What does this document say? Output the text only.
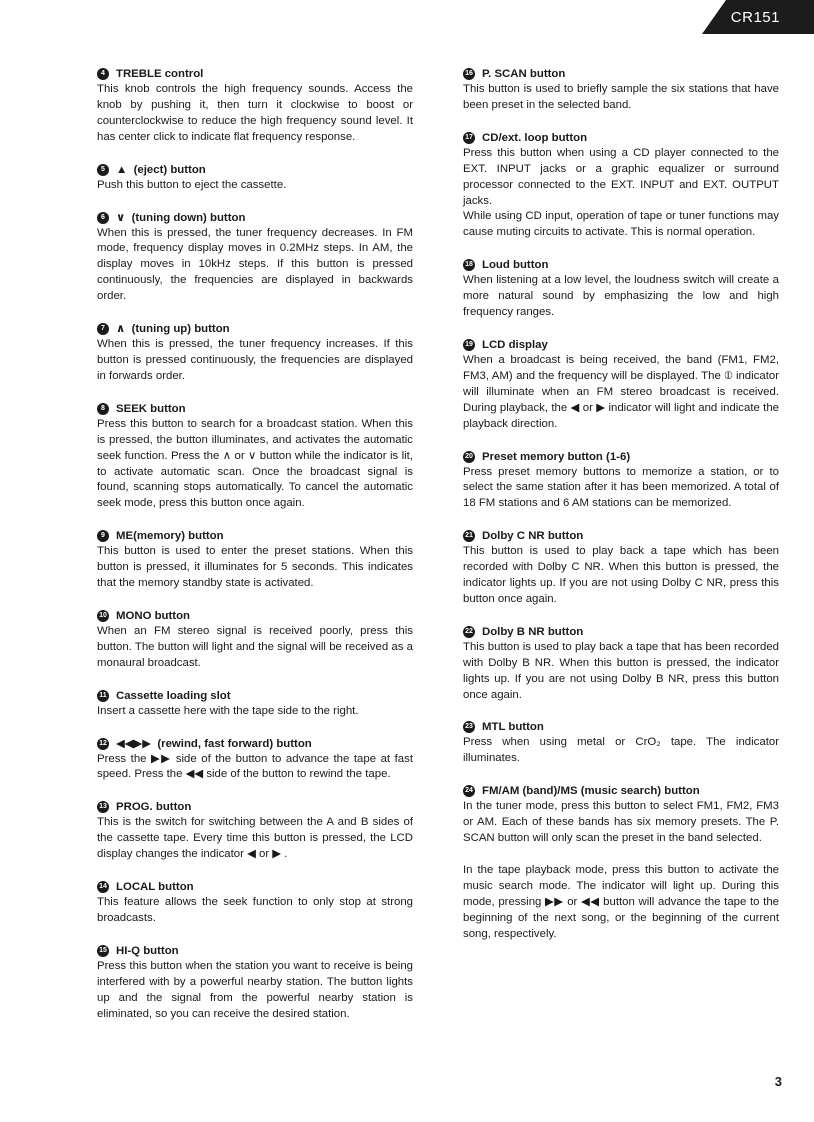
CR151
4 TREBLE control

This knob controls the high frequency sounds. Access the knob by pushing it, then turn it clockwise to boost or counterclockwise to reduce the high frequency sound level. It has center click to indicate flat frequency response.

5 ▲  (eject) button

Push this button to eject the cassette.

6 ∨  (tuning down) button

When this is pressed, the tuner frequency decreases. In FM mode, frequency display moves in 0.2MHz steps. In AM, the display moves in 10kHz steps. If this button is pressed continuously, the frequencies are displayed in backwards order.

7 ∧  (tuning up) button

When this is pressed, the tuner frequency increases. If this button is pressed continuously, the frequencies are displayed in forwards order.

8 SEEK button

Press this button to search for a broadcast station. When this is pressed, the button illuminates, and activates the automatic seek function. Press the ∧ or ∨ button while the indicator is lit, to activate automatic scan. Once the broadcast signal is found, scanning stops automatically. To cancel the automatic seek mode, press this button once again.

9 ME(memory) button

This button is used to enter the preset stations. When this button is pressed, it illuminates for 5 seconds. This indicates that the memory standby state is activated.

10 MONO button

When an FM stereo signal is received poorly, press this button. The button will light and the signal will be received as a monaural broadcast.

11 Cassette loading slot

Insert a cassette here with the tape side to the right.

12 ◀◀▶▶  (rewind, fast forward) button

Press the ▶▶ side of the button to advance the tape at fast speed. Press the ◀◀ side of the button to rewind the tape.

13 PROG. button

This is the switch for switching between the A and B sides of the cassette tape. Every time this button is pressed, the LCD display changes the indicator ◀ or ▶ .

14 LOCAL button

This feature allows the seek function to only stop at strong broadcasts.

15 HI-Q button

Press this button when the station you want to receive is being interfered with by a powerful nearby station. The button lights up and the signal from the powerful nearby station is eliminated, so you can receive the desired station.

16 P. SCAN button

This button is used to briefly sample the six stations that have been preset in the selected band.

17 CD/ext. loop button

Press this button when using a CD player connected to the EXT. INPUT jacks or a graphic equalizer or surround processor connected to the EXT. INPUT and EXT. OUTPUT jacks.
While using CD input, operation of tape or tuner functions may cause muting circuits to activate. This is normal operation.

18 Loud button

When listening at a low level, the loudness switch will create a more natural sound by emphasizing the low and high frequency ranges.

19 LCD display

When a broadcast is being received, the band (FM1, FM2, FM3, AM) and the frequency will be displayed. The ⦶ indicator will illuminate when an FM stereo broadcast is received. During playback, the ◀ or ▶ indicator will light and indicate the playback direction.

20 Preset memory button (1-6)

Press preset memory buttons to memorize a station, or to select the same station after it has been memorized. A total of 18 FM stations and 6 AM stations can be memorized.

21 Dolby C NR button

This button is used to play back a tape which has been recorded with Dolby C NR. When this button is pressed, the indicator lights up. If you are not using Dolby C NR, press this button once again.

22 Dolby B NR button

This button is used to play back a tape that has been recorded with Dolby B NR. When this button is pressed, the indicator lights up. If you are not using Dolby B NR, press this button once again.

23 MTL button

Press when using metal or CrO₂ tape. The indicator illuminates.

24 FM/AM (band)/MS (music search) button

In the tuner mode, press this button to select FM1, FM2, FM3 or AM. Each of these bands has six memory presets. The P. SCAN button will only scan the preset in the band selected.

In the tape playback mode, press this button to activate the music search mode. The indicator will light up. During this mode, pressing ▶▶ or ◀◀ button will advance the tape to the beginning of the next song, or the beginning of the current song, respectively.

3
